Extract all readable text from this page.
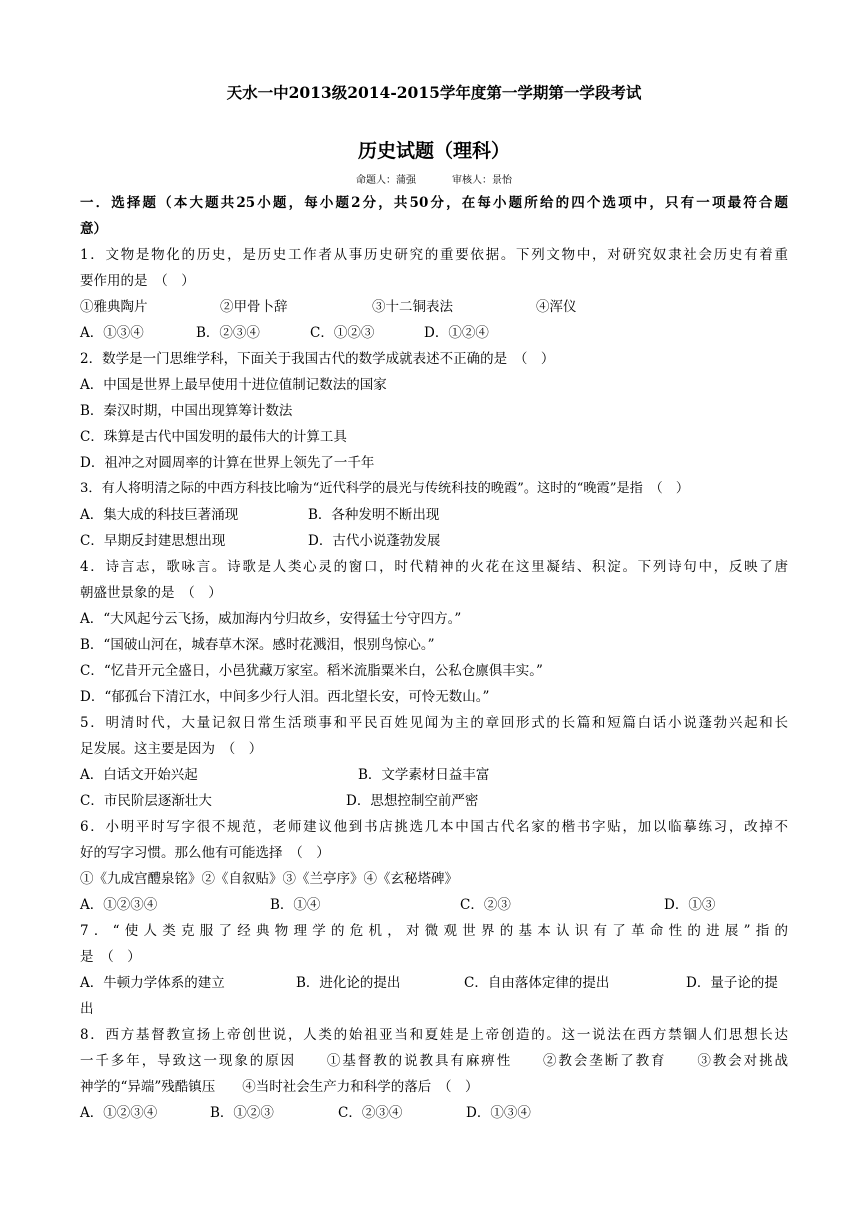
天水一中2013级2014-2015学年度第一学期第一学段考试
历史试题（理科）
命题人：蒲强	审核人：景怡
一．选择题（本大题共25小题，每小题2分，共50分，在每小题所给的四个选项中，只有一项最符合题
意）
1．文物是物化的历史，是历史工作者从事历史研究的重要依据。下列文物中，对研究奴隶社会历史有着重
要作用的是　（　）
①雅典陶片	②甲骨卜辞	③十二铜表法	④浑仪
A．①③④	B．②③④	C．①②③	D．①②④
2．数学是一门思维学科，下面关于我国古代的数学成就表述不正确的是　（　）
A．中国是世界上最早使用十进位值制记数法的国家
B．秦汉时期，中国出现算筹计数法
C．珠算是古代中国发明的最伟大的计算工具
D．祖冲之对圆周率的计算在世界上领先了一千年
3．有人将明清之际的中西方科技比喻为“近代科学的晨光与传统科技的晚霞”。这时的“晚霞”是指　（　）
A．集大成的科技巨著涌现	B．各种发明不断出现
C．早期反封建思想出现	D．古代小说蓬勃发展
4．诗言志，歌咏言。诗歌是人类心灵的窗口，时代精神的火花在这里凝结、积淀。下列诗句中，反映了唐
朝盛世景象的是　（　）
A．“大风起兮云飞扬，威加海内兮归故乡，安得猛士兮守四方。”
B．“国破山河在，城春草木深。感时花溅泪，恨别鸟惊心。”
C．“忆昔开元全盛日，小邑犹藏万家室。稻米流脂粟米白，公私仓廪俱丰实。”
D．“郁孤台下清江水，中间多少行人泪。西北望长安，可怜无数山。”
5．明清时代，大量记叙日常生活琐事和平民百姓见闻为主的章回形式的长篇和短篇白话小说蓬勃兴起和长
足发展。这主要是因为　（　）
A．白话文开始兴起	B．文学素材日益丰富
C．市民阶层逐渐壮大	D．思想控制空前严密
6．小明平时写字很不规范，老师建议他到书店挑选几本中国古代名家的楷书字贴，加以临摹练习，改掉不
好的写字习惯。那么他有可能选择　（　）
①《九成宫醴泉铭》②《自叙贴》③《兰亭序》④《玄秘塔碑》
A．①②③④	B．①④	C．②③	D．①③
7．“使人类克服了经典物理学的危机，对微观世界的基本认识有了革命性的进展”指的
是　（　）
A．牛顿力学体系的建立	B．进化论的提出	C．自由落体定律的提出	D．量子论的提
出
8．西方基督教宣扬上帝创世说，人类的始祖亚当和夏娃是上帝创造的。这一说法在西方禁锢人们思想长达
一千多年，导致这一现象的原因　　①基督教的说教具有麻痹性　　②教会垄断了教育　　③教会对挑战
神学的“异端”残酷镇压　　④当时社会生产力和科学的落后　（　）
A．①②③④	B．①②③	C．②③④	D．①③④
